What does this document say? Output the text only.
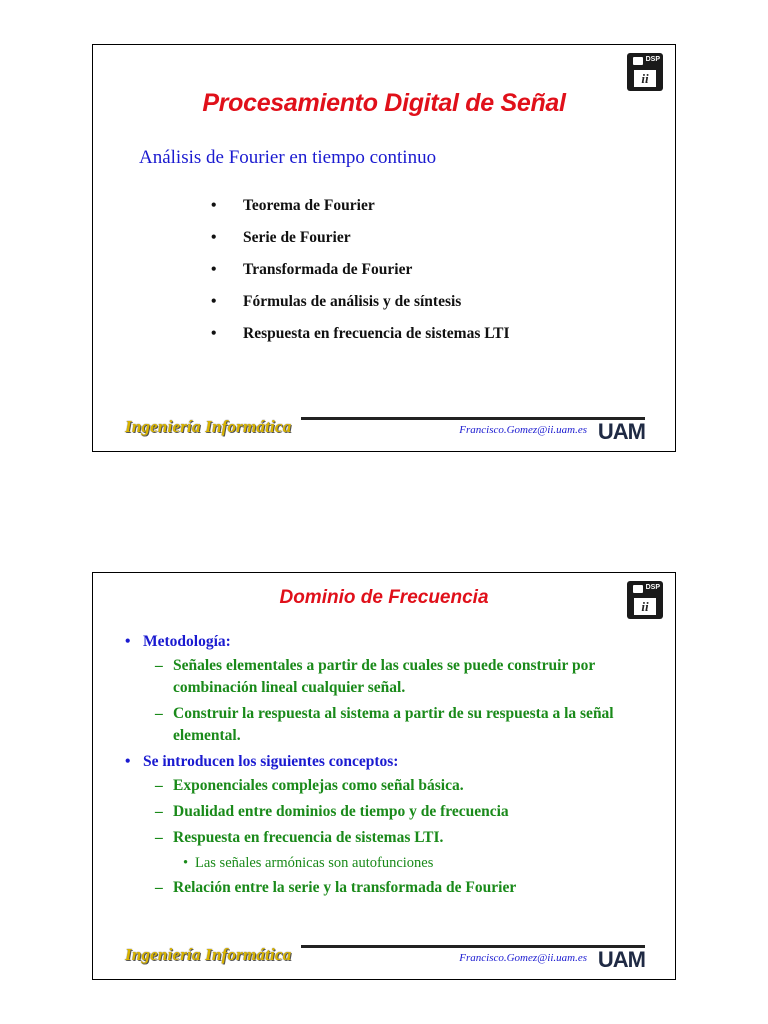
DSP
ii
Procesamiento Digital de Señal
Análisis de Fourier en tiempo continuo
• Teorema de Fourier
• Serie de Fourier
• Transformada de Fourier
• Fórmulas de análisis y de síntesis
• Respuesta en frecuencia de sistemas LTI
Ingeniería Informática	Francisco.Gomez@ii.uam.es UAM
DSP
ii
Dominio de Frecuencia
• Metodología:
– Señales elementales a partir de las cuales se puede construir por combinación lineal cualquier señal.
– Construir la respuesta al sistema a partir de su respuesta a la señal elemental.
• Se introducen los siguientes conceptos:
– Exponenciales complejas como señal básica.
– Dualidad entre dominios de tiempo y de frecuencia
– Respuesta en frecuencia de sistemas LTI.
• Las señales armónicas son autofunciones
– Relación entre la serie y la transformada de Fourier
Ingeniería Informática	Francisco.Gomez@ii.uam.es UAM
